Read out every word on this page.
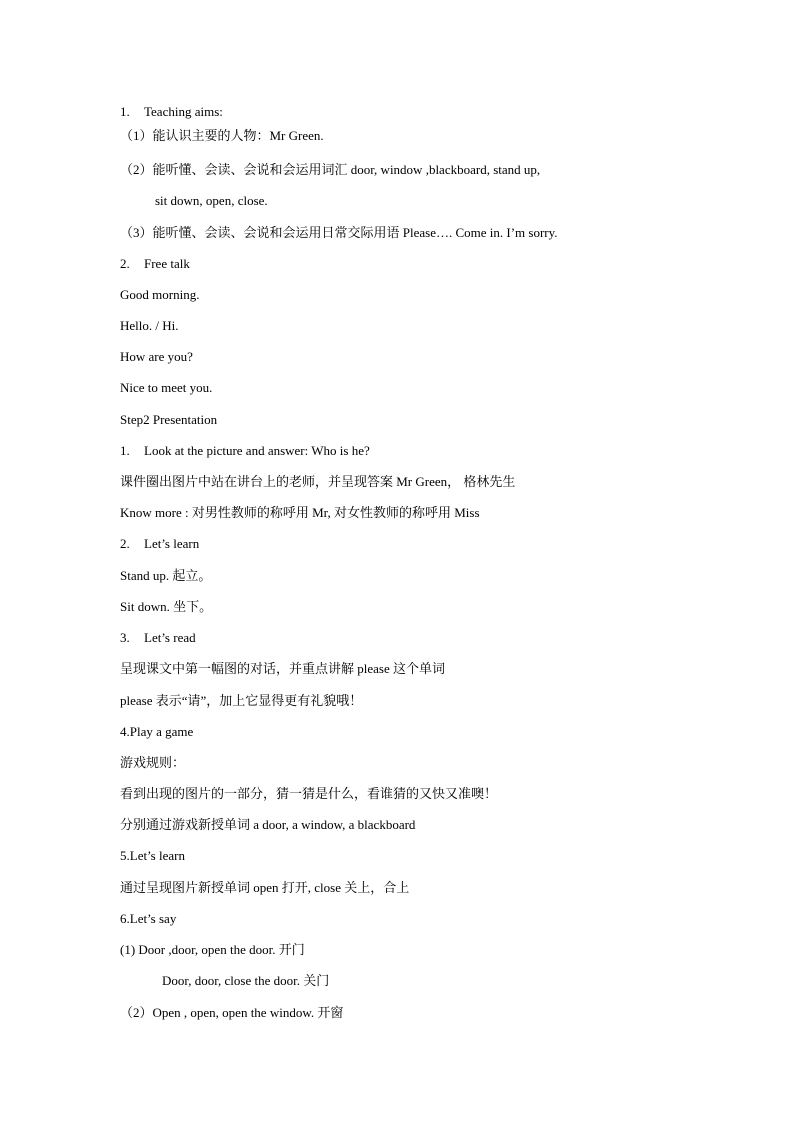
1. Teaching aims:
（1）能认识主要的人物：Mr Green.
（2）能听懂、会读、会说和会运用词汇 door, window ,blackboard, stand up,
sit down, open, close.
（3）能听懂、会读、会说和会运用日常交际用语 Please…. Come in. I’m sorry.
2. Free talk
Good morning.
Hello. / Hi.
How are you?
Nice to meet you.
Step2 Presentation
1. Look at the picture and answer: Who is he?
课件圈出图片中站在讲台上的老师，并呈现答案 Mr Green， 格林先生
Know more : 对男性教师的称呼用 Mr, 对女性教师的称呼用 Miss
2. Let’s learn
Stand up. 起立。
Sit down. 坐下。
3. Let’s read
呈现课文中第一幅图的对话，并重点讲解 please 这个单词
please 表示“请”，加上它显得更有礼貌哦！
4.Play a game
游戏规则：
看到出现的图片的一部分，猜一猜是什么，看谁猜的又快又准噢！
分别通过游戏新授单词 a door, a window, a blackboard
5.Let’s learn
通过呈现图片新授单词 open 打开, close 关上，合上
6.Let’s say
(1) Door ,door, open the door. 开门
Door, door, close the door. 关门
（2）Open , open, open the window. 开窗
